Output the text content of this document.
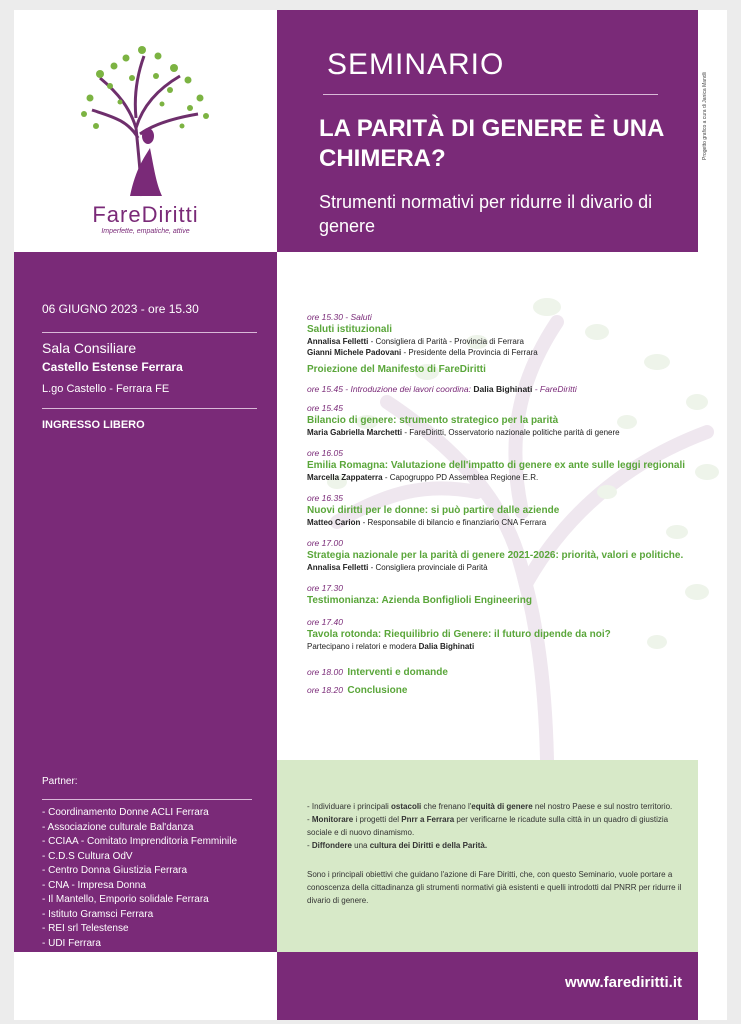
FareDiritti
Imperfette, empatiche, attive
SEMINARIO
LA PARITÀ DI GENERE È UNA CHIMERA?
Strumenti normativi per ridurre il divario di genere
Progetto grafico a cura di Janica Mandli
06 GIUGNO 2023 - ore 15.30
Sala Consiliare
Castello Estense Ferrara
L.go Castello - Ferrara FE
INGRESSO LIBERO
Partner:
- Coordinamento Donne ACLI Ferrara
- Associazione culturale Bal'danza
- CCIAA - Comitato Imprenditoria Femminile
- C.D.S Cultura OdV
- Centro Donna Giustizia Ferrara
- CNA - Impresa Donna
- Il Mantello, Emporio solidale Ferrara
- Istituto Gramsci Ferrara
- REI srl Telestense
- UDI Ferrara
ore 15.30 - Saluti
Saluti istituzionali
Annalisa Felletti - Consigliera di Parità - Provincia di Ferrara
Gianni Michele Padovani - Presidente della Provincia di Ferrara
Proiezione del Manifesto di FareDiritti
ore 15.45 - Introduzione dei lavori coordina: Dalia Bighinati - FareDiritti
ore 15.45
Bilancio di genere: strumento strategico per la parità
Maria Gabriella Marchetti - FareDiritti, Osservatorio nazionale politiche parità di genere
ore 16.05
Emilia Romagna: Valutazione dell'impatto di genere ex ante sulle leggi regionali
Marcella Zappaterra - Capogruppo PD Assemblea Regione E.R.
ore 16.35
Nuovi diritti per le donne: si può partire dalle aziende
Matteo Carion - Responsabile di bilancio e finanziario CNA Ferrara
ore 17.00
Strategia nazionale per la parità di genere 2021-2026: priorità, valori e politiche.
Annalisa Felletti - Consigliera provinciale di Parità
ore 17.30
Testimonianza: Azienda Bonfiglioli Engineering
ore 17.40
Tavola rotonda: Riequilibrio di Genere: il futuro dipende da noi?
Partecipano i relatori e modera Dalia Bighinati
ore 18.00 Interventi e domande
ore 18.20 Conclusione

- Individuare i principali ostacoli che frenano l'equità di genere nel nostro Paese e sul nostro territorio.

- Monitorare i progetti del Pnrr a Ferrara per verificarne le ricadute sulla città in un quadro di giustizia sociale e di nuovo dinamismo.

- Diffondere una cultura dei Diritti e della Parità.

Sono i principali obiettivi che guidano l'azione di Fare Diritti, che, con questo Seminario, vuole portare a conoscenza della cittadinanza gli strumenti normativi già esistenti e quelli introdotti dal PNRR per ridurre il divario di genere.

www.farediritti.it
